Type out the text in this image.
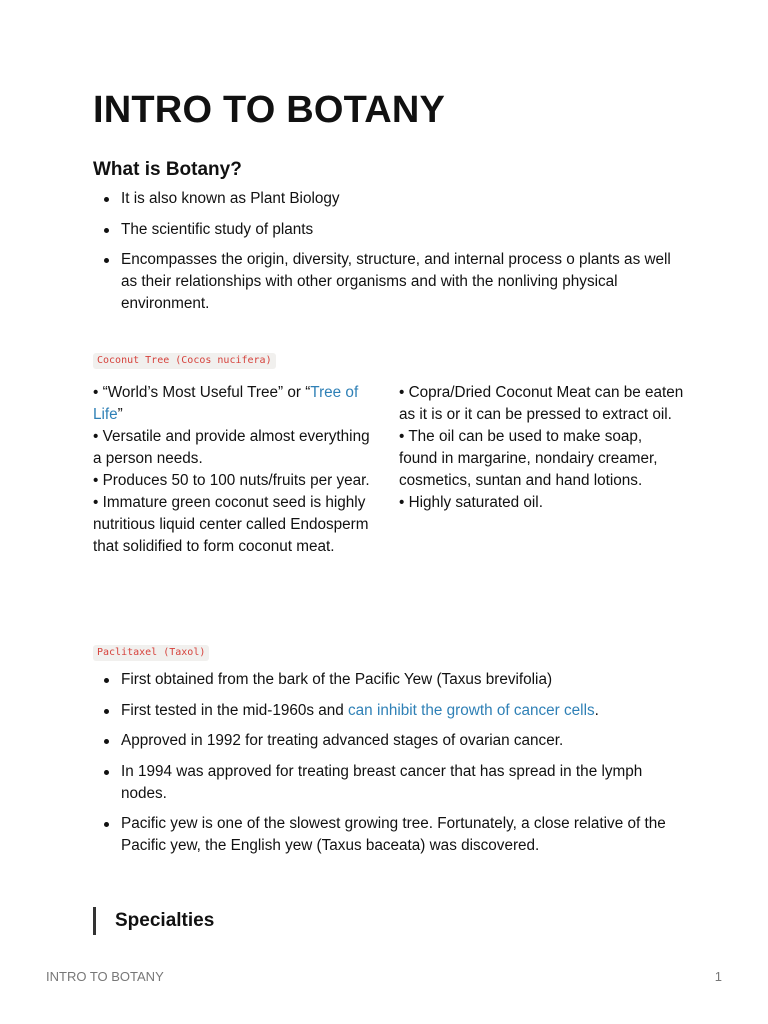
INTRO TO BOTANY
What is Botany?
It is also known as Plant Biology
The scientific study of plants
Encompasses the origin, diversity, structure, and internal process o plants as well as their relationships with other organisms and with the nonliving physical environment.
Coconut Tree (Cocos nucifera)

• “World’s Most Useful Tree” or “Tree of Life”

• Versatile and provide almost everything a person needs.

• Produces 50 to 100 nuts/fruits per year.

• Immature green coconut seed is highly nutritious liquid center called Endosperm that solidified to form coconut meat.

• Copra/Dried Coconut Meat can be eaten as it is or it can be pressed to extract oil.

• The oil can be used to make soap, found in margarine, nondairy creamer, cosmetics, suntan and hand lotions.

• Highly saturated oil.

Paclitaxel (Taxol)
First obtained from the bark of the Pacific Yew (Taxus brevifolia)
First tested in the mid-1960s and can inhibit the growth of cancer cells.
Approved in 1992 for treating advanced stages of ovarian cancer.
In 1994 was approved for treating breast cancer that has spread in the lymph nodes.
Pacific yew is one of the slowest growing tree. Fortunately, a close relative of the Pacific yew, the English yew (Taxus baceata) was discovered.
Specialties
INTRO TO BOTANY	1
